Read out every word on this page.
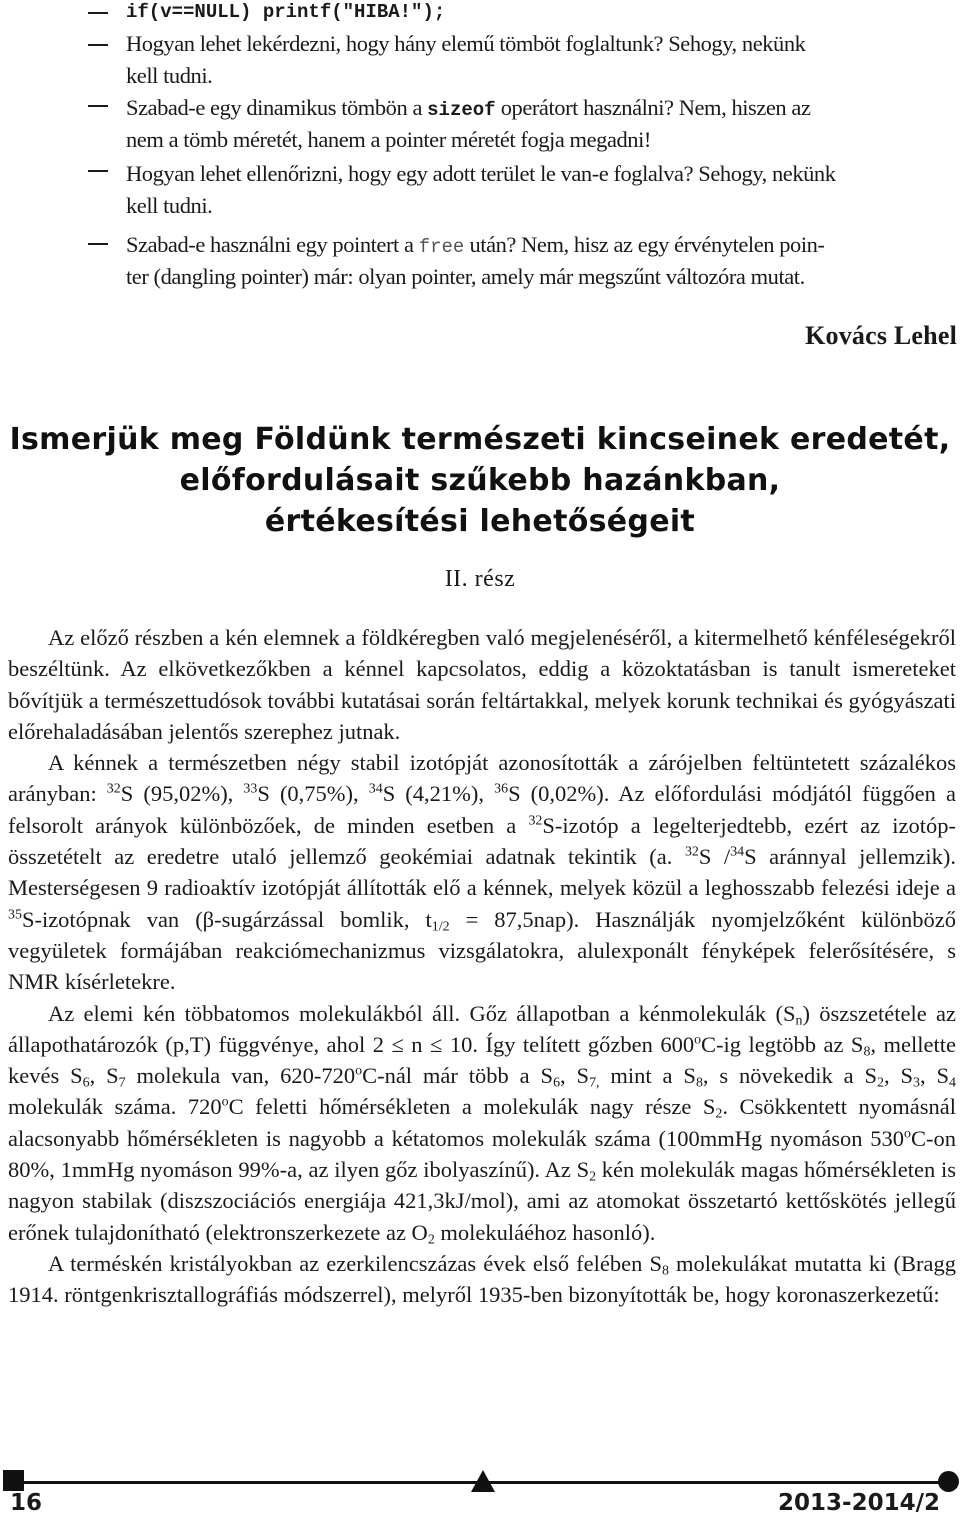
if(v==NULL) printf("HIBA!");
Hogyan lehet lekérdezni, hogy hány elemű tömböt foglaltunk? Sehogy, nekünk
kell tudni.
Szabad-e egy dinamikus tömbön a sizeof operátort használni? Nem, hiszen az
nem a tömb méretét, hanem a pointer méretét fogja megadni!
Hogyan lehet ellenőrizni, hogy egy adott terület le van-e foglalva? Sehogy, nekünk
kell tudni.
Szabad-e használni egy pointert a free után? Nem, hisz az egy érvénytelen poin-
ter (dangling pointer) már: olyan pointer, amely már megszűnt változóra mutat.
Kovács Lehel
Ismerjük meg Földünk természeti kincseinek eredetét,
előfordulásait szűkebb hazánkban,
értékesítési lehetőségeit
II. rész

Az előző részben a kén elemnek a földkéregben való megjelenéséről, a kitermelhető kénféleségekről beszéltünk. Az elkövetkezőkben a kénnel kapcsolatos, eddig a közoktatásban is tanult ismereteket bővítjük a természettudósok további kutatásai során feltártakkal, melyek korunk technikai és gyógyászati előrehaladásában jelentős szerephez jutnak.

A kénnek a természetben négy stabil izotópját azonosították a zárójelben feltüntetett százalékos arányban: $^{32}$S (95,02%), $^{33}$S (0,75%), $^{34}$S (4,21%), $^{36}$S (0,02%). Az előfordulási módjától függően a felsorolt arányok különbözőek, de minden esetben a $^{32}$S-izotóp a legelterjedtebb, ezért az izotóp-összetételt az eredetre utaló jellemző geokémiai adatnak tekintik (a. $^{32}$S /$^{34}$S aránnyal jellemzik). Mesterségesen 9 radioaktív izotópját állították elő a kénnek, melyek közül a leghosszabb felezési ideje a $^{35}$S-izotópnak van (β-sugárzással bomlik, $t_{1/2} = 87,5nap$). Használják nyomjelzőként különböző vegyületek formájában reakciómechanizmus vizsgálatokra, alulexponált fényképek felerősítésére, s NMR kísérletekre.

Az elemi kén többatomos molekulákból áll. Gőz állapotban a kénmolekulák $(S_n)$ öszszetétele az állapothatározók (p,T) függvénye, ahol 2 ≤ n ≤ 10. Így telített gőzben 600$^o$C-ig legtöbb az $S_8$, mellette kevés $S_6$, $S_7$ molekula van, 620-720$^o$C-nál már több a $S_6$, $S_{7,}$ mint a $S_8$, s növekedik a $S_2$, $S_3$, $S_4$ molekulák száma. 720$^o$C feletti hőmérsékleten a molekulák nagy része $S_2$. Csökkentett nyomásnál alacsonyabb hőmérsékleten is nagyobb a kétatomos molekulák száma (100mmHg nyomáson 530$^o$C-on 80%, 1mmHg nyomáson 99%-a, az ilyen gőz ibolyaszínű). Az $S_2$ kén molekulák magas hőmérsékleten is nagyon stabilak (diszszociációs energiája 421,3kJ/mol), ami az atomokat összetartó kettőskötés jellegű erőnek tulajdonítható (elektronszerkezete az $O_2$ molekuláéhoz hasonló).

A terméskén kristályokban az ezerkilencszázas évek első felében $S_8$ molekulákat mutatta ki (Bragg 1914. röntgenkrisztallográfiás módszerrel), melyről 1935-ben bizonyították be, hogy koronaszerkezetű:

16	2013-2014/2
